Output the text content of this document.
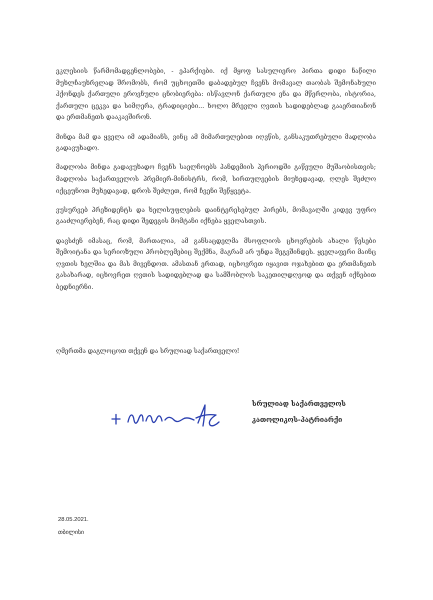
ეკლესიის წარმომადგენლობები, - ეპარქიები. იქ მყოფ სასულიერო პირთა დიდი ნაწილი მუხლჩაუხრელად შრომობს, რომ უცხოეთში დაბადებულ ჩვენს მომავალ თაობას შემონახული ჰქონდეს ქართული ეროვნული ცნობიერება: ისწავლონ ქართული ენა და მწერლობა, ისტორია, ქართული ცეკვა და სიმღერა, ტრადიციები... ხოლო მრევლი ღვთის სადიდებლად გააერთიანონ და ერთმანეთს დააკავშირონ.

მინდა მამ და ყველა იმ ადამიანს, ვინც ამ მიმართულებით იღვწის, განსაკუთრებული მადლობა გადავუხადო.

მადლობა მინდა გადავუხადო ჩვენს საელჩოებს პანდემიის პერიოდში გაწეული მუშაობისთვის; მადლობა საქართველოს პრემიერ-მინისტრს, რომ, სირთულეების მიუხედავად, ღლეს შეძლო იქცეუნოთ მუხედავად, დროს შეძლეთ, რომ ჩვენი შეწყვეტა.

ვუსურვებ პრეზიდენტს და ხელისუფლების დაინტერესებულ პირებს, მომავალში კიდევ უფრო გააძლიერებენ, რაც დიდი შედეგის მომტანი იქნება ყველასთვის.

დავსძენ იმასაც, რომ, მართალია, ამ განსაცდელმა მსოფლიოს ცხოვრების ახალი წესები შემოიტანა და სერიოზული პრობლემებიც შექმნა, მაგრამ არ უნდა შეგვშინდეს. ყველაფერი მაინც ღვთის ხელშია და მას მივენდოთ. ამასთან ერთად, იცხოვრეთ იყავით ოჯახებით და ერთმანეთს გასახარად, იცხოვრეთ ღვთის სადიდებლად და სამშობლოს საკეთილდღეოდ და თქვენ იქნებით ბედნიერნი.

ღმერთმა დაგლოცოთ თქვენ და სრულიად საქართველო!
სრულიად საქართველოს
კათოლიკოს-პატრიარქი
28.05.2021.
თბილისი
